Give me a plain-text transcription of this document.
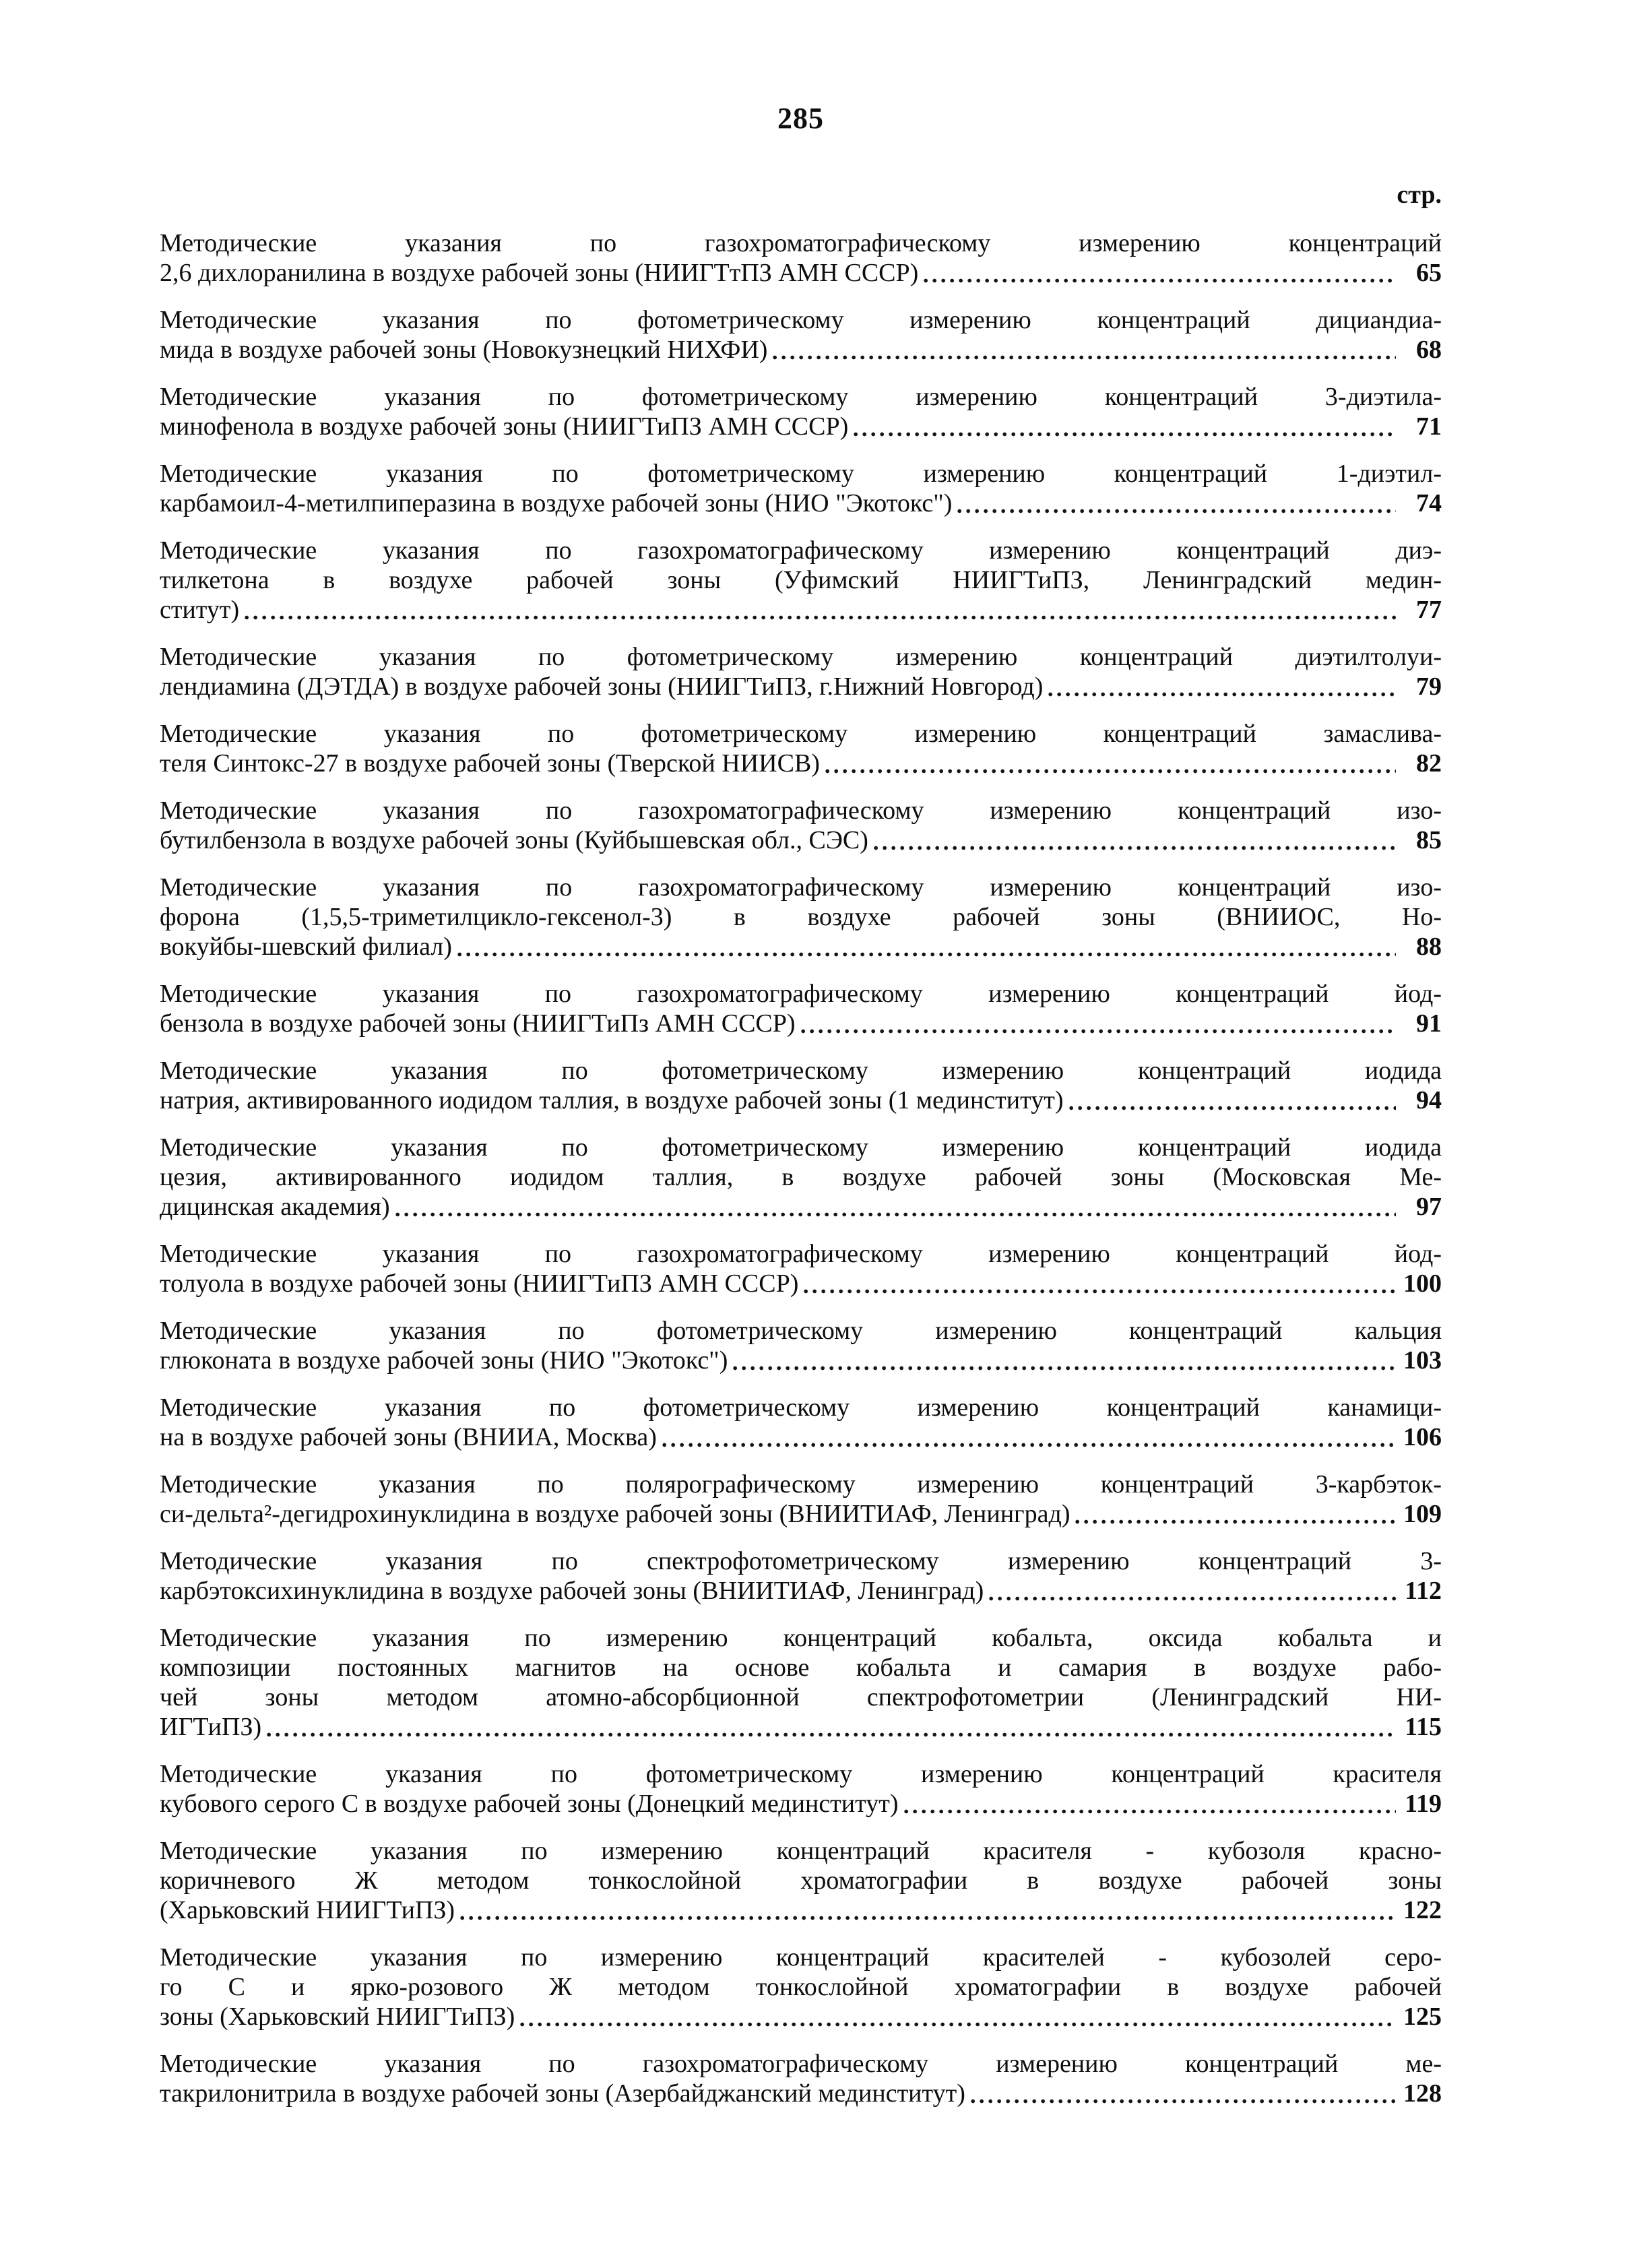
285
стр.
Методические указания по газохроматографическому измерению концентраций
2,6 дихлоранилина в воздухе рабочей зоны (НИИГТтПЗ АМН СССР)	65
Методические указания по фотометрическому измерению концентраций дициандиа-
мида в воздухе рабочей зоны (Новокузнецкий НИХФИ)	68
Методические указания по фотометрическому измерению концентраций 3-диэтила-
минофенола в воздухе рабочей зоны (НИИГТиПЗ АМН СССР)	71
Методические указания по фотометрическому измерению концентраций 1-диэтил-
карбамоил-4-метилпиперазина в воздухе рабочей зоны (НИО "Экотокс")	74
Методические указания по газохроматографическому измерению концентраций диэ-
тилкетона в воздухе рабочей зоны (Уфимский НИИГТиПЗ, Ленинградский медин-
ститут)	77
Методические указания по фотометрическому измерению концентраций диэтилтолуи-
лендиамина (ДЭТДА) в воздухе рабочей зоны (НИИГТиПЗ, г.Нижний Новгород)	79
Методические указания по фотометрическому измерению концентраций замаслива-
теля Синтокс-27 в воздухе рабочей зоны (Тверской НИИСВ)	82
Методические указания по газохроматографическому измерению концентраций изо-
бутилбензола в воздухе рабочей зоны (Куйбышевская обл., СЭС)	85
Методические указания по газохроматографическому измерению концентраций изо-
форона (1,5,5-триметилцикло-гексенол-3) в воздухе рабочей зоны (ВНИИОС, Но-
вокуйбы-шевский филиал)	88
Методические указания по газохроматографическому измерению концентраций йод-
бензола в воздухе рабочей зоны (НИИГТиПз АМН СССР)	91
Методические указания по фотометрическому измерению концентраций иодида
натрия, активированного иодидом таллия, в воздухе рабочей зоны (1 мединститут)	94
Методические указания по фотометрическому измерению концентраций иодида
цезия, активированного иодидом таллия, в воздухе рабочей зоны (Московская Ме-
дицинская академия)	97
Методические указания по газохроматографическому измерению концентраций йод-
толуола в воздухе рабочей зоны (НИИГТиПЗ АМН СССР)	100
Методические указания по фотометрическому измерению концентраций кальция
глюконата в воздухе рабочей зоны (НИО "Экотокс")	103
Методические указания по фотометрическому измерению концентраций канамици-
на в воздухе рабочей зоны (ВНИИА, Москва)	106
Методические указания по полярографическому измерению концентраций 3-карбэток-
си-дельта²-дегидрохинуклидина в воздухе рабочей зоны (ВНИИТИАФ, Ленинград)	109
Методические указания по спектрофотометрическому измерению концентраций 3-
карбэтоксихинуклидина в воздухе рабочей зоны (ВНИИТИАФ, Ленинград)	112
Методические указания по измерению концентраций кобальта, оксида кобальта и
композиции постоянных магнитов на основе кобальта и самария в воздухе рабо-
чей зоны методом атомно-абсорбционной спектрофотометрии (Ленинградский НИ-
ИГТиПЗ)	115
Методические указания по фотометрическому измерению концентраций красителя
кубового серого С в воздухе рабочей зоны (Донецкий мединститут)	119
Методические указания по измерению концентраций красителя - кубозоля красно-
коричневого Ж методом тонкослойной хроматографии в воздухе рабочей зоны
(Харьковский НИИГТиПЗ)	122
Методические указания по измерению концентраций красителей - кубозолей серо-
го С и ярко-розового Ж методом тонкослойной хроматографии в воздухе рабочей
зоны (Харьковский НИИГТиПЗ)	125
Методические указания по газохроматографическому измерению концентраций ме-
такрилонитрила в воздухе рабочей зоны (Азербайджанский мединститут)	128
